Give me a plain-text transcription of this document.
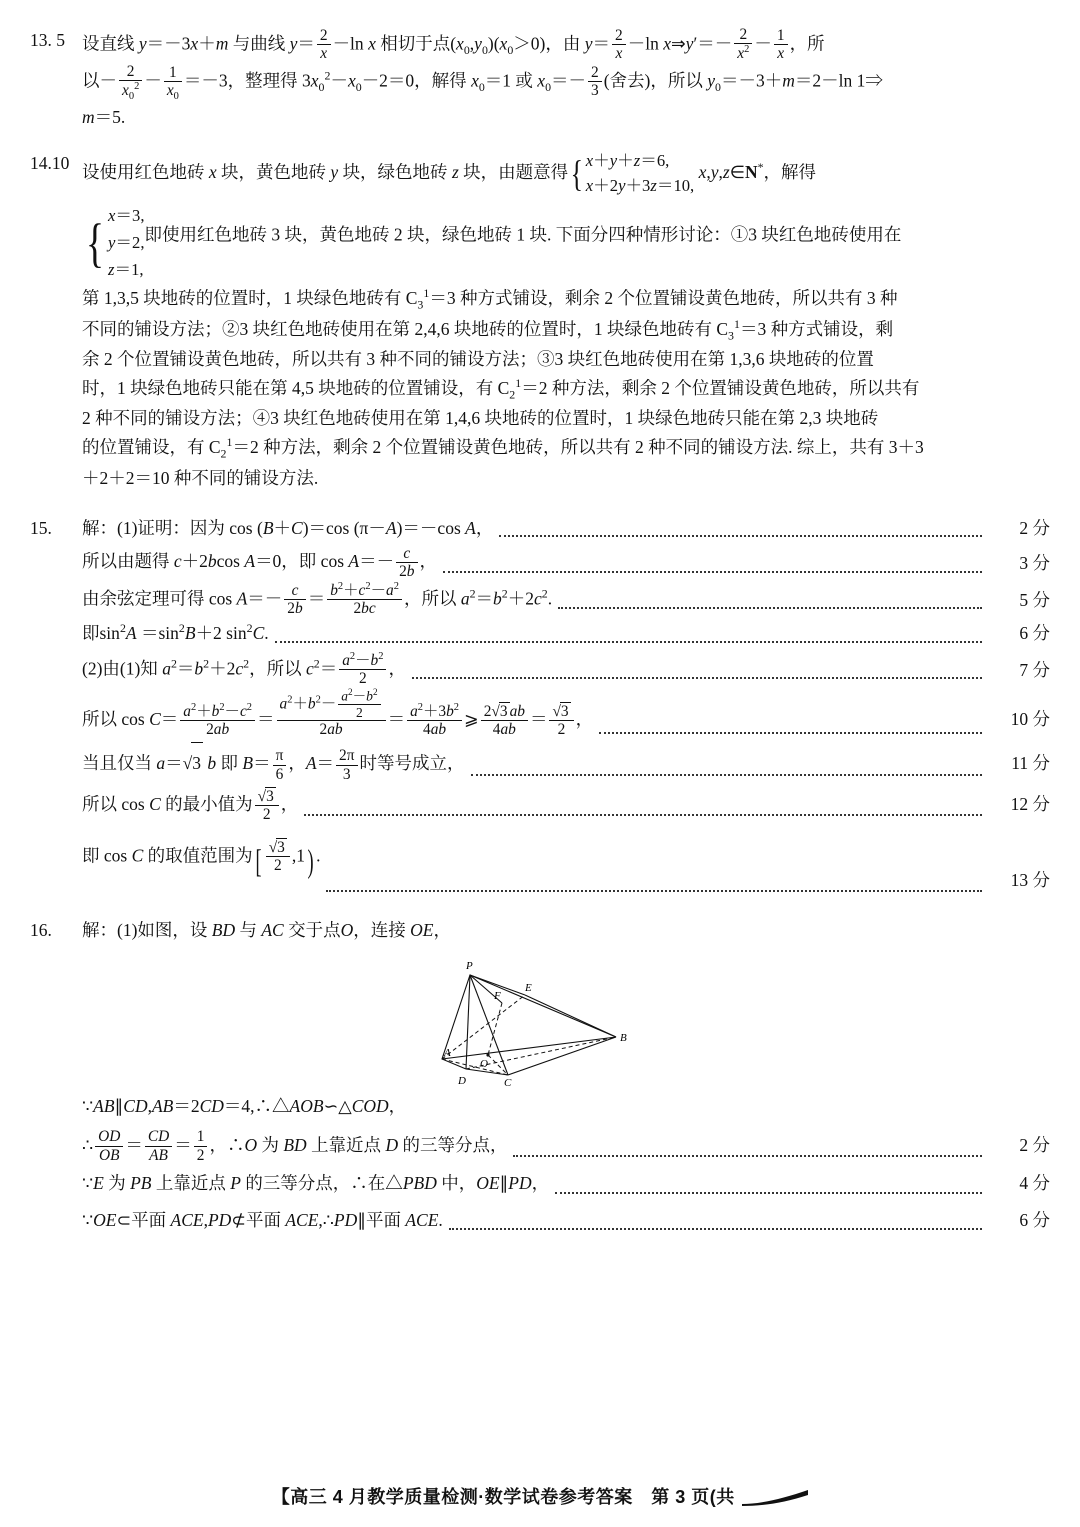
13. 5 设直线 y＝－3x＋m 与曲线 $y= \frac{2}{x} -\ln$ x 相切于点$(x_0,y_0)(x_0>0)$，由 $y= \frac{2}{x} -\ln$ x⇒y′＝－ $\frac{2}{x^2} - \frac{1}{x}$ ，所
以－ $\frac{2}{x_0^2} - \frac{1}{x_0} =-3$，整理得 $3x_0^2-x_0-2=0$，解得 $x_0=1$ 或 $x_0=- \frac{2}{3}$ (舍去)，所以 $y_0=-3+m=2-\ln$ 1⇒
m＝5.
14.10 设使用红色地砖 x 块，黄色地砖 y 块，绿色地砖 z 块，由题意得 { x＋y＋z＝6,
x＋2y＋3z＝10,
x,y,z∈N*，解得
{ x＝3,
y＝2,
z＝1,
即使用红色地砖 3 块，黄色地砖 2 块，绿色地砖 1 块. 下面分四种情形讨论：①3 块红色地砖使用在
第 1,3,5 块地砖的位置时，1 块绿色地砖有 $C_3^1=3$ 种方式铺设，剩余 2 个位置铺设黄色地砖，所以共有 3 种
不同的铺设方法；②3 块红色地砖使用在第 2,4,6 块地砖的位置时，1 块绿色地砖有 $C_3^1=3$ 种方式铺设，剩
余 2 个位置铺设黄色地砖，所以共有 3 种不同的铺设方法；③3 块红色地砖使用在第 1,3,6 块地砖的位置
时，1 块绿色地砖只能在第 4,5 块地砖的位置铺设，有 $C_2^1=2$ 种方法，剩余 2 个位置铺设黄色地砖，所以共有
2 种不同的铺设方法；④3 块红色地砖使用在第 1,4,6 块地砖的位置时，1 块绿色地砖只能在第 2,3 块地砖
的位置铺设，有 $C_2^1=2$ 种方法，剩余 2 个位置铺设黄色地砖，所以共有 2 种不同的铺设方法. 综上，共有 3＋3
＋2＋2＝10 种不同的铺设方法.
15. 解：(1)证明：因为 cos (B＋C)＝cos (π－A)＝－cos A，	2 分
所以由题得 c＋2bcos A＝0，即 $\cos A=- \frac{c}{2b}$ ，	3 分
由余弦定理可得 $\cos A=- \frac{c}{2b} = \frac{b^2+c^2-a^2}{2bc}$ ，所以 $a^2=b^2+2c^2$.	5 分
即$\sin^2A =\sin^2B+2$ $\sin^2C$.	6 分
(2)由(1)知 $a^2=b^2+2c^2$，所以 $c^2= \frac{a^2-b^2}{2}$ ，	7 分
所以 $\cos C= \frac{a^2+b^2-c^2}{2ab} = \frac{a^2+b^2- \frac{a^2-b^2}{2}}{2ab} = \frac{a^2+3b^2}{4ab}$ ⩾ $\frac{2√3 ab}{4ab} = \frac{√3}{2}$ ，	10 分
当且仅当 a＝√3 b 即 $B= \frac{\pi}{6}$ ，$A= \frac{2\pi}{3}$ 时等号成立，	11 分
所以 cos C 的最小值为 $\frac{√3}{2}$ ，	12 分
即 cos C 的取值范围为[ $\frac{√3}{2} ,1$) .
13 分
16. 解：(1)如图，设 BD 与 AC 交于点O，连接 OE，
P
F
E
A
O
B
D	C
∵AB∥CD,AB＝2CD＝4,∴△AOB∽△COD，
∴ $\frac{OD}{OB} = \frac{CD}{AB} = \frac{1}{2}$ ，∴O 为 BD 上靠近点 D 的三等分点，	2 分
∵E 为 PB 上靠近点 P 的三等分点，∴在△PBD 中，OE∥PD，	4 分
∵OE⊂平面 ACE,PD⊄平面 ACE,∴PD∥平面 ACE.	6 分
【高三 4 月教学质量检测·数学试卷参考答案　第 3 页(共
